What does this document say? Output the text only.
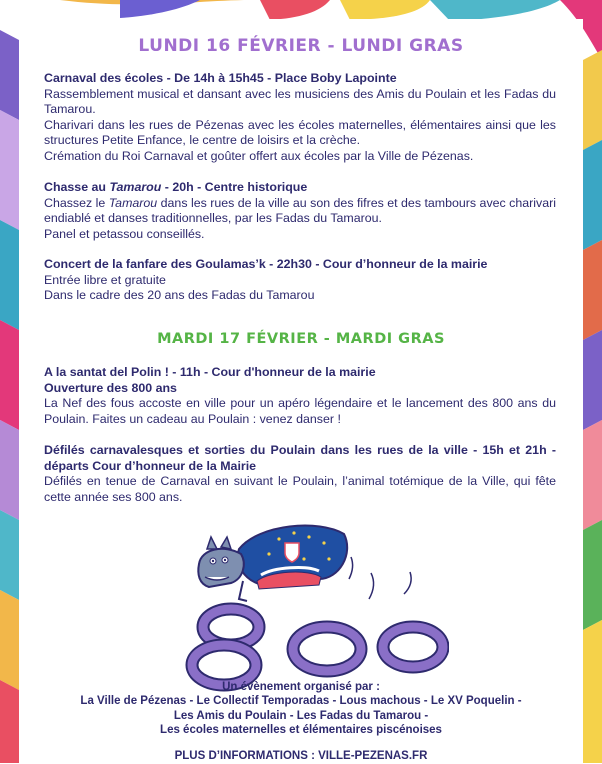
LUNDI 16 FÉVRIER - LUNDI GRAS

Carnaval des écoles - De 14h à 15h45 - Place Boby Lapointe

Rassemblement musical et dansant avec les musiciens des Amis du Poulain et les Fadas du Tamarou.

Charivari dans les rues de Pézenas avec les écoles maternelles, élémentaires ainsi que les structures Petite Enfance, le centre de loisirs et la crèche.

Crémation du Roi Carnaval et goûter offert aux écoles par la Ville de Pézenas.

Chasse au Tamarou - 20h - Centre historique

Chassez le Tamarou dans les rues de la ville au son des fifres et des tambours avec charivari endiablé et danses traditionnelles, par les Fadas du Tamarou.

Panel et petassou conseillés.

Concert de la fanfare des Goulamas’k - 22h30 - Cour d’honneur de la mairie

Entrée libre et gratuite

Dans le cadre des 20 ans des Fadas du Tamarou

MARDI 17 FÉVRIER - MARDI GRAS

A la santat del Polin ! - 11h - Cour d'honneur de la mairie

Ouverture des 800 ans

La Nef des fous accoste en ville pour un apéro légendaire et le lancement des 800 ans du Poulain. Faites un cadeau au Poulain : venez danser !

Défilés carnavalesques et sorties du Poulain dans les rues de la ville - 15h et 21h - départs Cour d’honneur de la Mairie

Défilés en tenue de Carnaval en suivant le Poulain, l’animal totémique de la Ville, qui fête cette année ses 800 ans.

Un évènement organisé par :
La Ville de Pézenas - Le Collectif Temporadas - Lous machous - Le XV Poquelin -
Les Amis du Poulain - Les Fadas du Tamarou -
Les écoles maternelles et élémentaires piscénoises
PLUS D’INFORMATIONS : VILLE-PEZENAS.FR
